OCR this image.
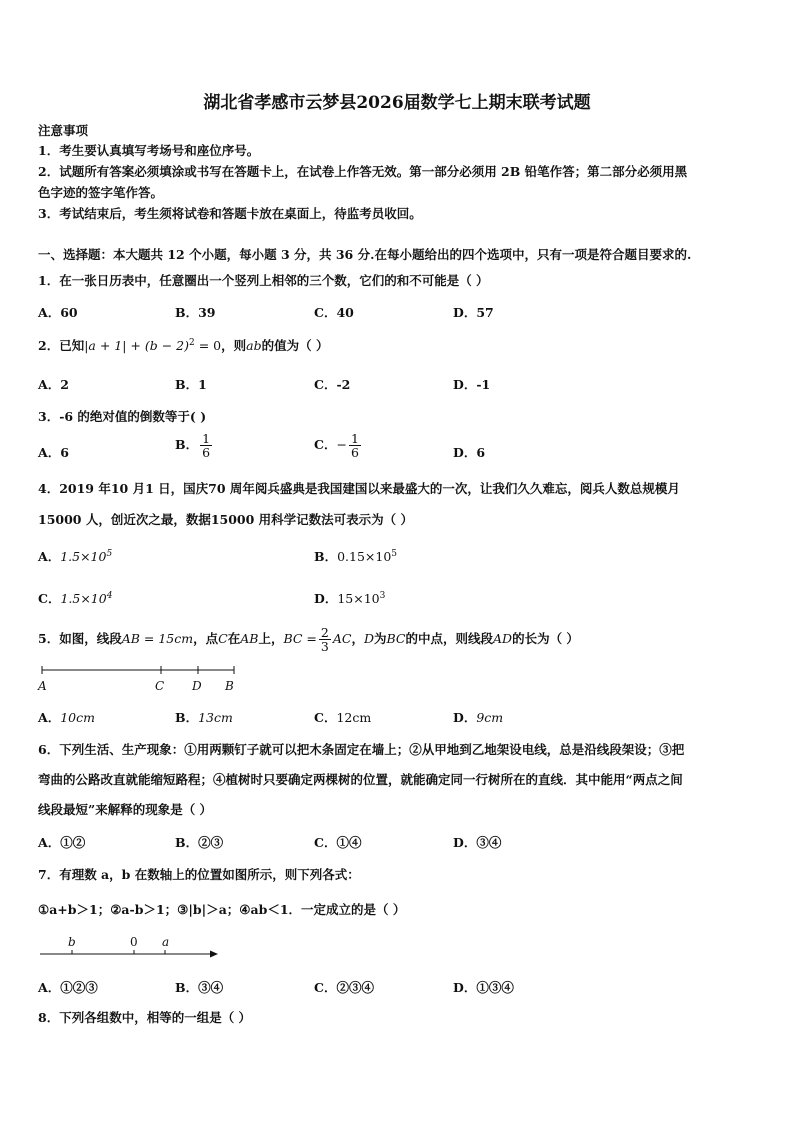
湖北省孝感市云梦县2026届数学七上期末联考试题
注意事项
1．考生要认真填写考场号和座位序号。
2．试题所有答案必须填涂或书写在答题卡上，在试卷上作答无效。第一部分必须用 2B 铅笔作答；第二部分必须用黑
色字迹的签字笔作答。
3．考试结束后，考生须将试卷和答题卡放在桌面上，待监考员收回。
一、选择题：本大题共 12 个小题，每小题 3 分，共 36 分.在每小题给出的四个选项中，只有一项是符合题目要求的.
1．在一张日历表中，任意圈出一个竖列上相邻的三个数，它们的和不可能是（ ）
A．60	B．39	C．40	D．57
2．已知$|a + 1| + (b - 2)^2 = 0$，则ab的值为（ ）
A．2	B．1	C．-2	D．-1
3．-6 的绝对值的倒数等于( )
A．6
B． $\frac{1}{6}$	C．− $\frac{1}{6}$	D．6
4．2019 年10 月1 日，国庆70 周年阅兵盛典是我国建国以来最盛大的一次，让我们久久难忘，阅兵人数总规模月
15000 人，创近次之最，数据15000 用科学记数法可表示为（ ）
A．$1.5\times 10^5$	B．$0.15\times 10^5$
C．$1.5\times 10^4$	D．$15\times 10^3$
5．如图，线段AB = 15cm，点C在AB上，BC = $\frac{2}{3}$ AC，D为BC的中点，则线段AD的长为（ ）
A	C D B
A．10cm	B．13cm	C．12cm	D．9cm
6．下列生活、生产现象：①用两颗钉子就可以把木条固定在墙上；②从甲地到乙地架设电线，总是沿线段架设；③把
弯曲的公路改直就能缩短路程；④植树时只要确定两棵树的位置，就能确定同一行树所在的直线．其中能用“两点之间
线段最短”来解释的现象是（ ）
A．①②	B．②③	C．①④	D．③④
7．有理数 a，b 在数轴上的位置如图所示，则下列各式：
①a+b＞1；②a-b＞1；③|b|＞a；④ab＜1．一定成立的是（ ）
b	0 a
A．①②③	B．③④	C．②③④	D．①③④
8．下列各组数中，相等的一组是（ ）
